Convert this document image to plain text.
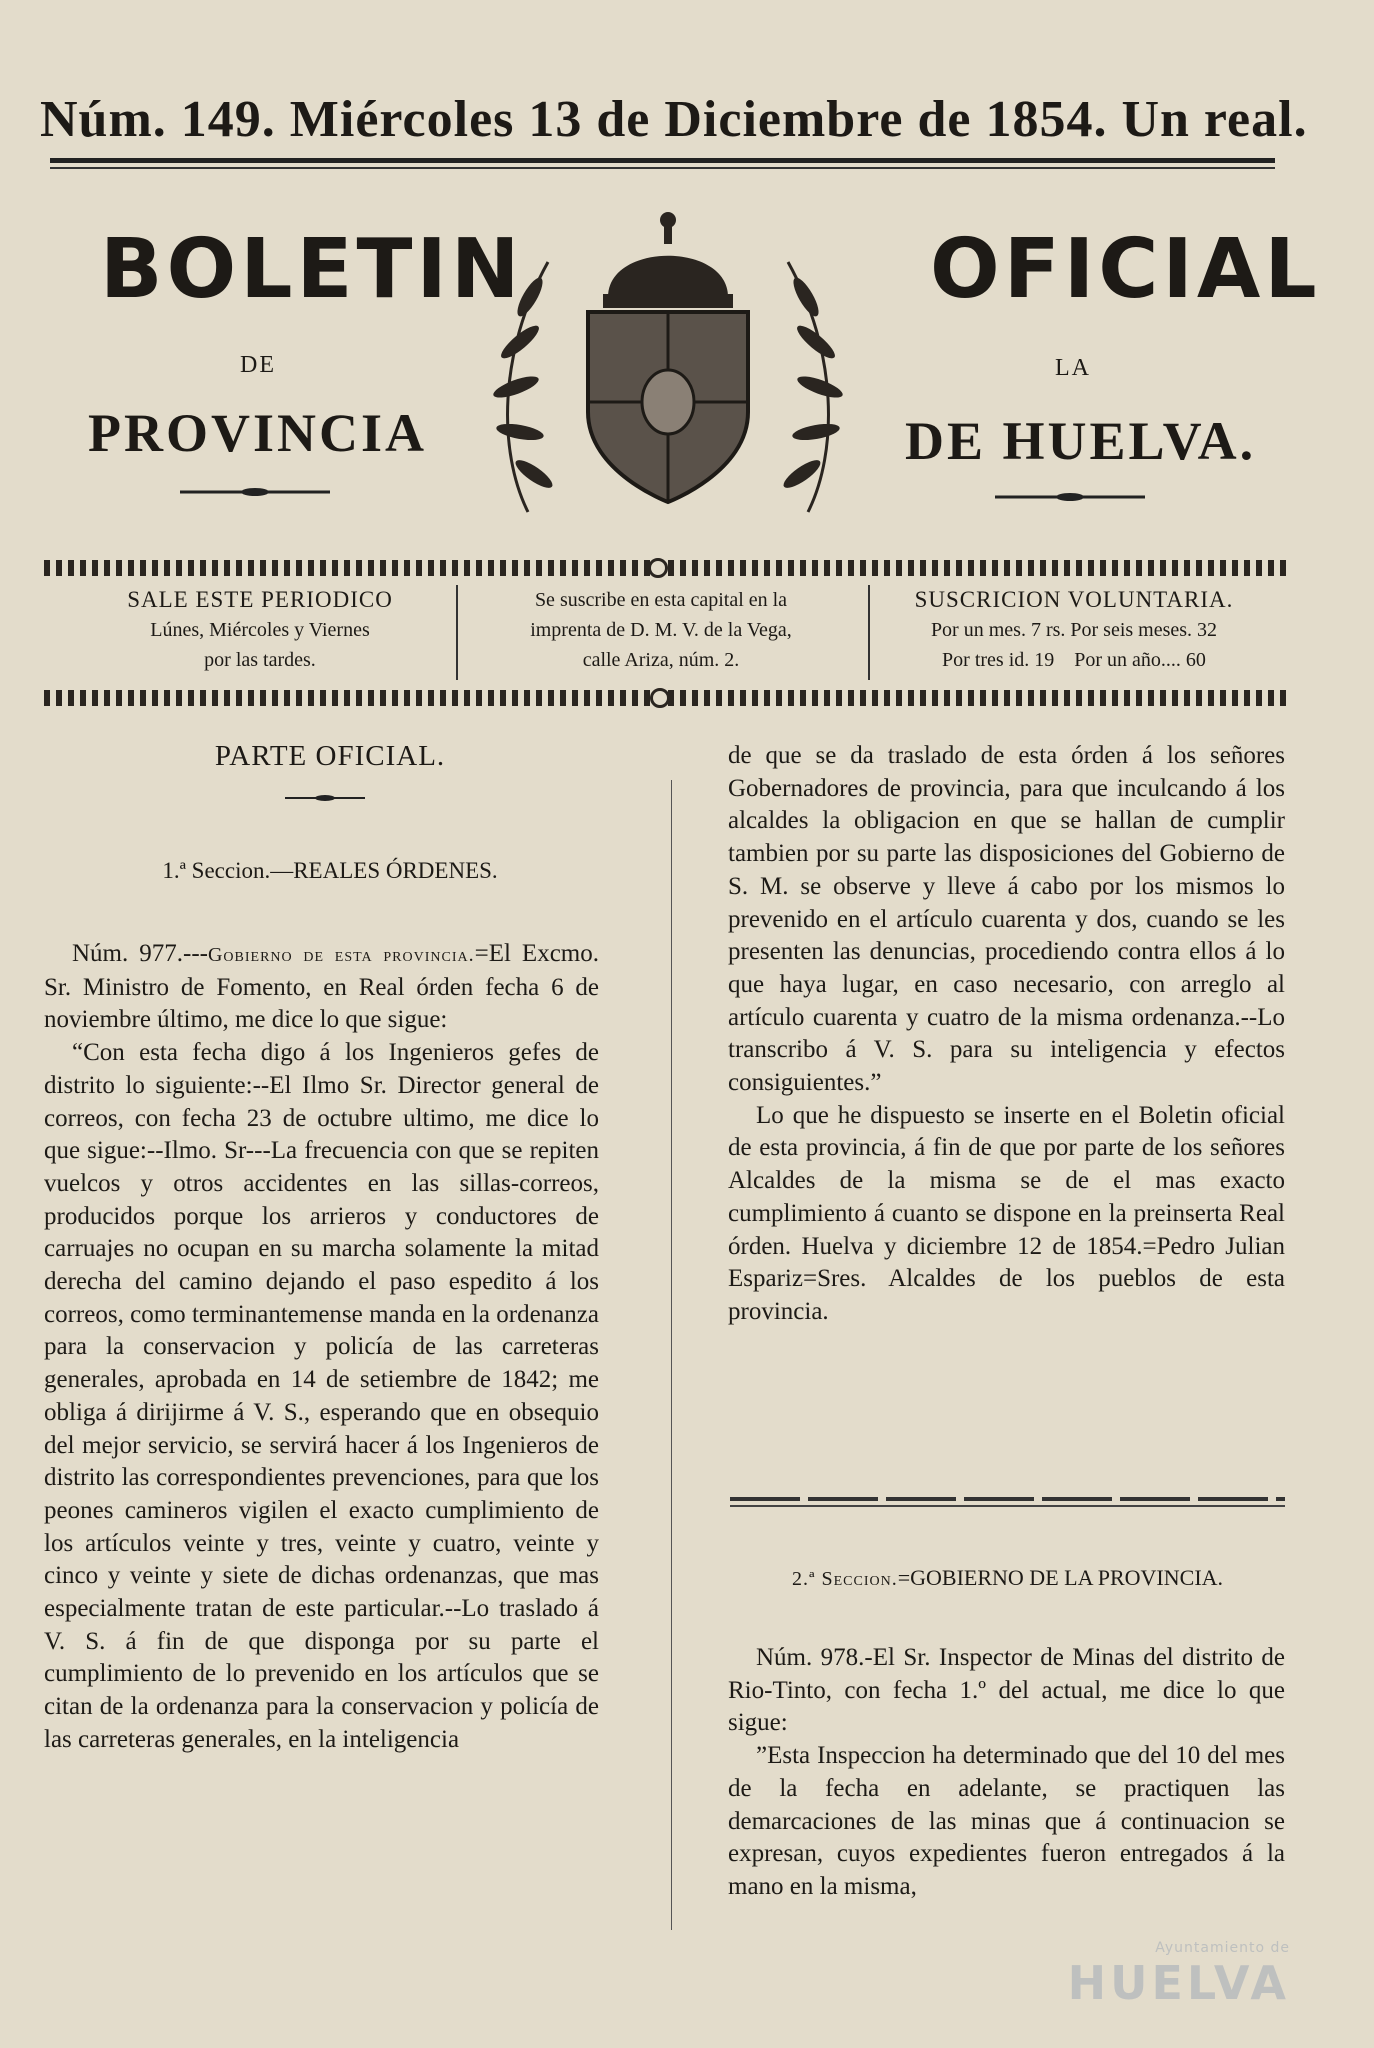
Núm. 149. Miércoles 13 de Diciembre de 1854. Un real.
BOLETIN
DE
PROVINCIA
OFICIAL
LA
DE HUELVA.
SALE ESTE PERIODICO
Lúnes, Miércoles y Viernes
por las tardes.
Se suscribe en esta capital en la
imprenta de D. M. V. de la Vega,
calle Ariza, núm. 2.
SUSCRICION VOLUNTARIA.
Por un mes. 7 rs. Por seis meses. 32
Por tres id. 19    Por un año.... 60
PARTE OFICIAL.
1.ª Seccion.—REALES ÓRDENES.

Núm. 977.---Gobierno de esta provincia.=El Excmo. Sr. Ministro de Fomento, en Real órden fecha 6 de noviembre último, me dice lo que sigue:

“Con esta fecha digo á los Ingenieros gefes de distrito lo siguiente:--El Ilmo Sr. Director general de correos, con fecha 23 de octubre ultimo, me dice lo que sigue:--Ilmo. Sr---La frecuencia con que se repiten vuelcos y otros accidentes en las sillas-correos, producidos porque los arrieros y conductores de carruajes no ocupan en su marcha solamente la mitad derecha del camino dejando el paso espedito á los correos, como terminantemense manda en la ordenanza para la conservacion y policía de las carreteras generales, aprobada en 14 de setiembre de 1842; me obliga á dirijirme á V. S., esperando que en obsequio del mejor servicio, se servirá hacer á los Ingenieros de distrito las correspondientes prevenciones, para que los peones camineros vigilen el exacto cumplimiento de los artículos veinte y tres, veinte y cuatro, veinte y cinco y veinte y siete de dichas ordenanzas, que mas especialmente tratan de este particular.--Lo traslado á V. S. á fin de que disponga por su parte el cumplimiento de lo prevenido en los artículos que se citan de la ordenanza para la conservacion y policía de las carreteras generales, en la inteligencia

de que se da traslado de esta órden á los señores Gobernadores de provincia, para que inculcando á los alcaldes la obligacion en que se hallan de cumplir tambien por su parte las disposiciones del Gobierno de S. M. se observe y lleve á cabo por los mismos lo prevenido en el artículo cuarenta y dos, cuando se les presenten las denuncias, procediendo contra ellos á lo que haya lugar, en caso necesario, con arreglo al artículo cuarenta y cuatro de la misma ordenanza.--Lo transcribo á V. S. para su inteligencia y efectos consiguientes.”

Lo que he dispuesto se inserte en el Boletin oficial de esta provincia, á fin de que por parte de los señores Alcaldes de la misma se de el mas exacto cumplimiento á cuanto se dispone en la preinserta Real órden. Huelva y diciembre 12 de 1854.=Pedro Julian Espariz=Sres. Alcaldes de los pueblos de esta provincia.

2.ª Seccion.=GOBIERNO DE LA PROVINCIA.

Núm. 978.-El Sr. Inspector de Minas del distrito de Rio-Tinto, con fecha 1.º del actual, me dice lo que sigue:

”Esta Inspeccion ha determinado que del 10 del mes de la fecha en adelante, se practiquen las demarcaciones de las minas que á continuacion se expresan, cuyos expedientes fueron entregados á la mano en la misma,

Ayuntamiento de
HUELVA
